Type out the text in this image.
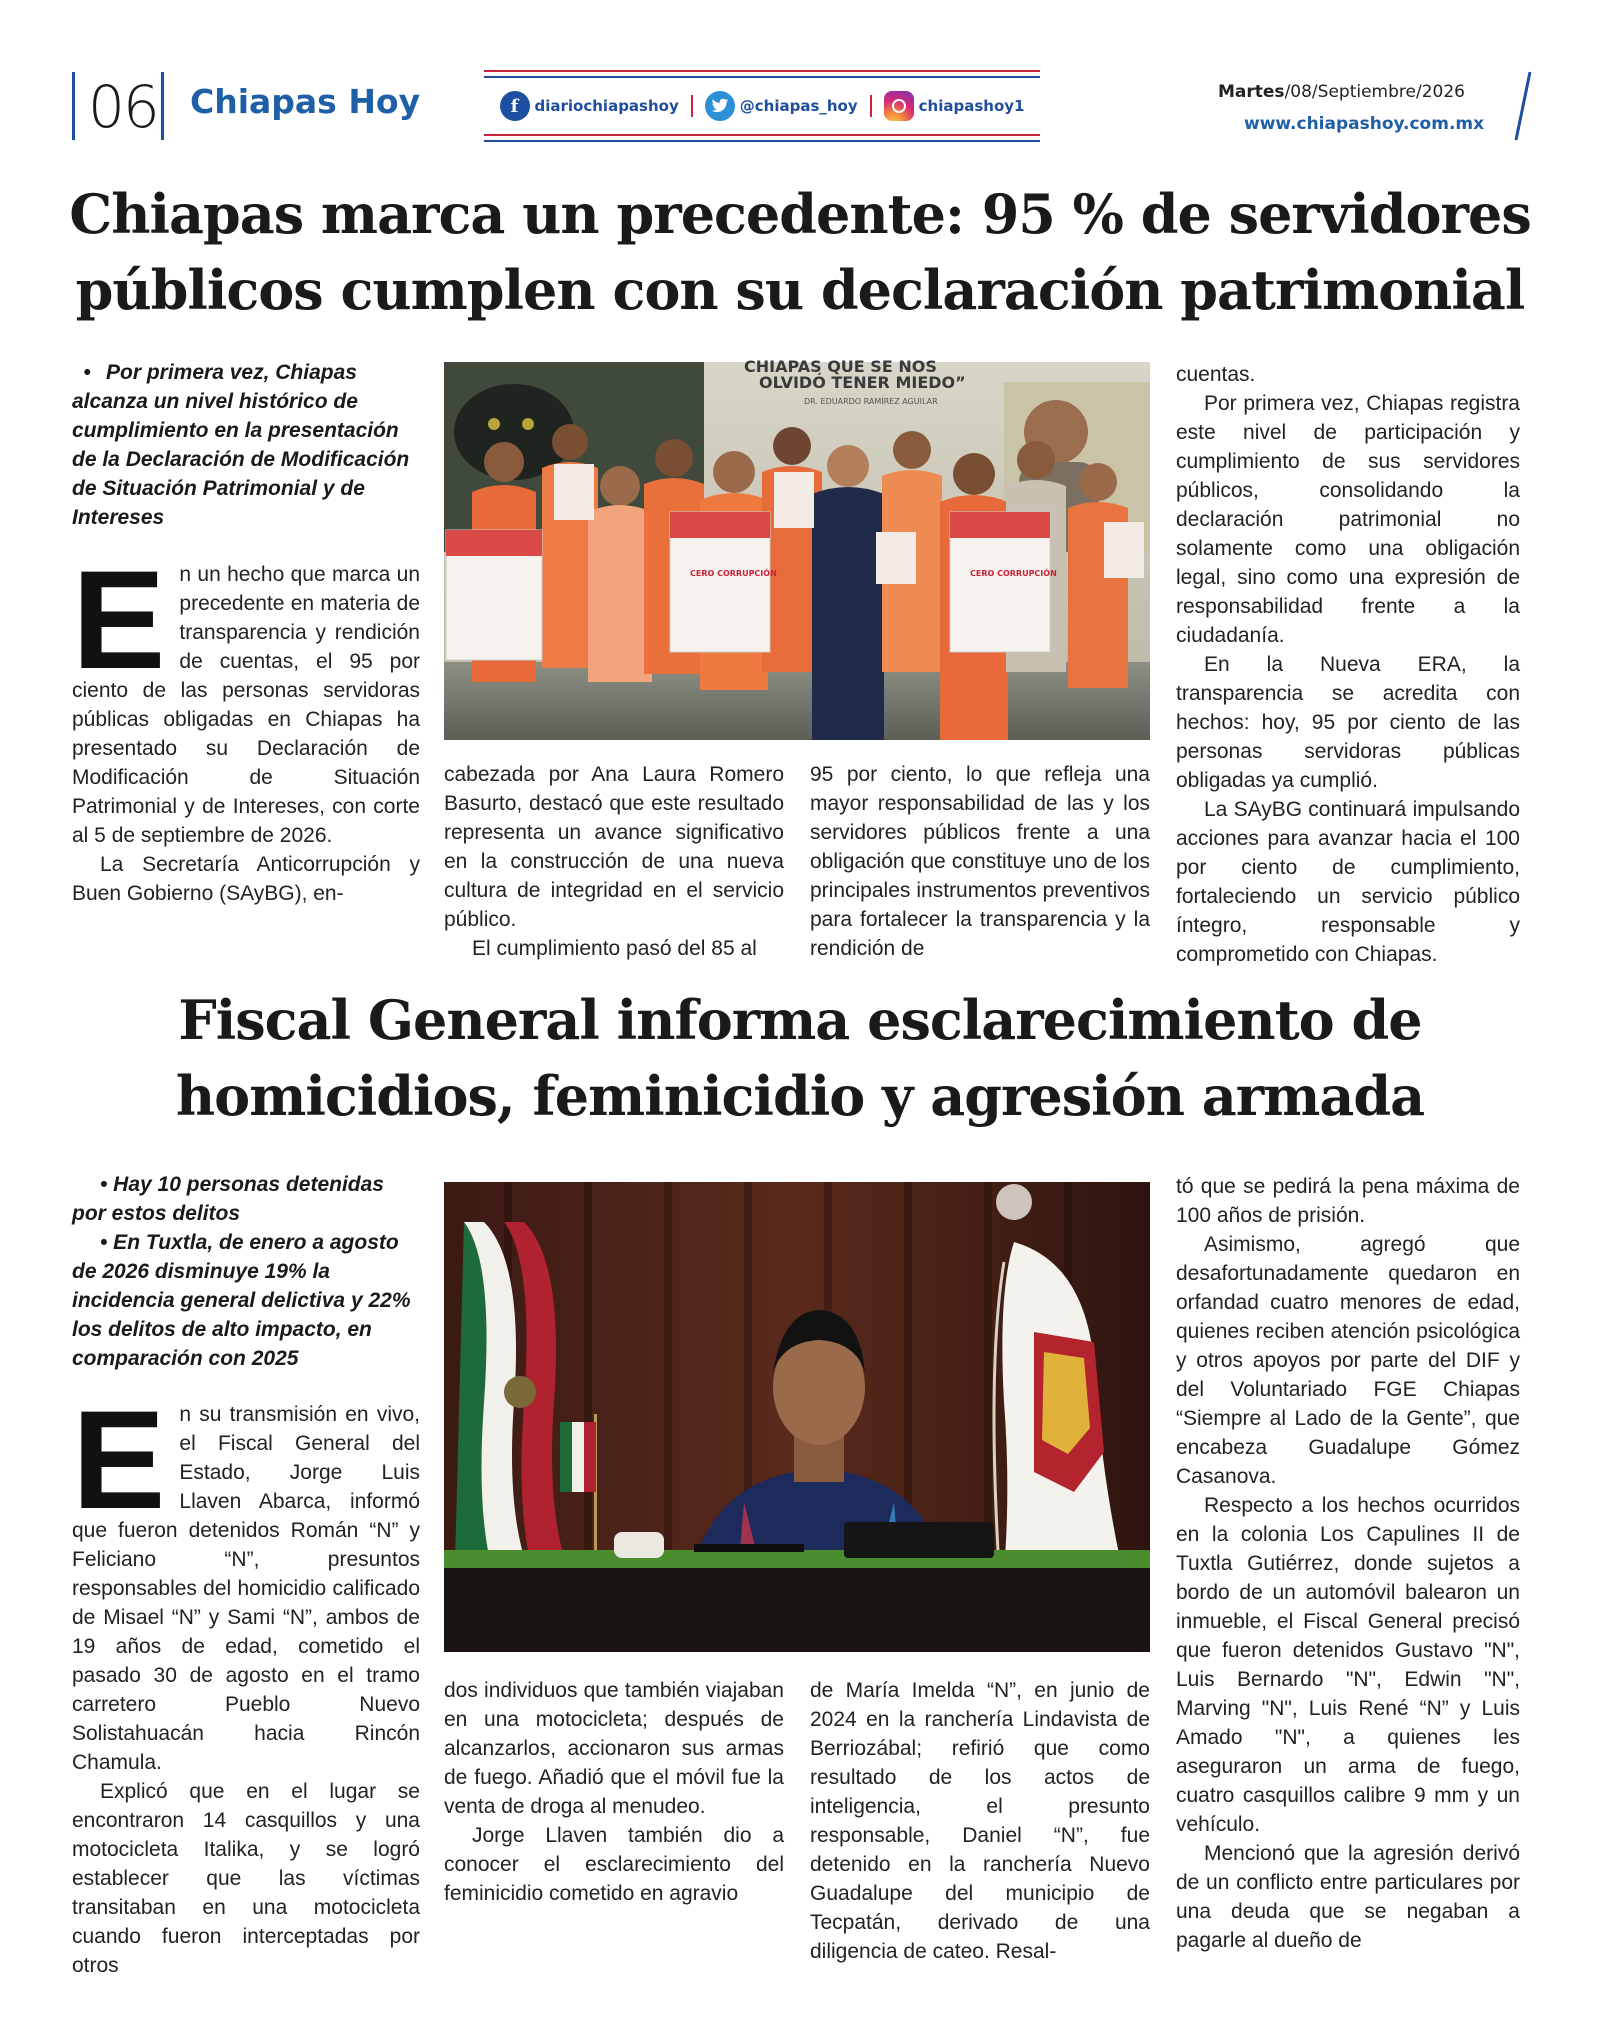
06 Chiapas Hoy	f	diariochiapashoy	@chiapas_hoy	chiapashoy1
Martes/08/Septiembre/2026
www.chiapashoy.com.mx
Chiapas marca un precedente: 95 % de servidores
públicos cumplen con su declaración patrimonial

• Por primera vez, Chiapas alcanza un nivel histórico de cumplimiento en la presentación de la Declaración de Modificación de Situación Patrimonial y de Intereses

E n un hecho que marca un precedente en materia de transparencia y rendición de cuentas, el 95 por ciento de las personas servidoras públicas obligadas en Chiapas ha presentado su Declaración de Modificación de Situación Patrimonial y de Intereses, con corte al 5 de septiembre de 2026.

La Secretaría Anticorrupción y Buen Gobierno (SAyBG), en-

CHIAPAS QUE SE NOS
OLVIDÓ TENER MIEDO”
DR. EDUARDO RAMÍREZ AGUILAR
CERO CORRUPCIÓN	CERO CORRUPCIÓN

cabezada por Ana Laura Romero Basurto, destacó que este resultado representa un avance significativo en la construcción de una nueva cultura de integridad en el servicio público.

El cumplimiento pasó del 85 al

95 por ciento, lo que refleja una mayor responsabilidad de las y los servidores públicos frente a una obligación que constituye uno de los principales instrumentos preventivos para fortalecer la transparencia y la rendición de

cuentas.

Por primera vez, Chiapas registra este nivel de participación y cumplimiento de sus servidores públicos, consolidando la declaración patrimonial no solamente como una obligación legal, sino como una expresión de responsabilidad frente a la ciudadanía.

En la Nueva ERA, la transparencia se acredita con hechos: hoy, 95 por ciento de las personas servidoras públicas obligadas ya cumplió.

La SAyBG continuará impulsando acciones para avanzar hacia el 100 por ciento de cumplimiento, fortaleciendo un servicio público íntegro, responsable y comprometido con Chiapas.

Fiscal General informa esclarecimiento de
homicidios, feminicidio y agresión armada

• Hay 10 personas detenidas por estos delitos

• En Tuxtla, de enero a agosto de 2026 disminuye 19% la incidencia general delictiva y 22% los delitos de alto impacto, en comparación con 2025

E n su transmisión en vivo, el Fiscal General del Estado, Jorge Luis Llaven Abarca, informó que fueron detenidos Román “N” y Feliciano “N”, presuntos responsables del homicidio calificado de Misael “N” y Sami “N”, ambos de 19 años de edad, cometido el pasado 30 de agosto en el tramo carretero Pueblo Nuevo Solistahuacán hacia Rincón Chamula.

Explicó que en el lugar se encontraron 14 casquillos y una motocicleta Italika, y se logró establecer que las víctimas transitaban en una motocicleta cuando fueron interceptadas por otros

dos individuos que también viajaban en una motocicleta; después de alcanzarlos, accionaron sus armas de fuego. Añadió que el móvil fue la venta de droga al menudeo.

Jorge Llaven también dio a conocer el esclarecimiento del feminicidio cometido en agravio

de María Imelda “N”, en junio de 2024 en la ranchería Lindavista de Berriozábal; refirió que como resultado de los actos de inteligencia, el presunto responsable, Daniel “N”, fue detenido en la ranchería Nuevo Guadalupe del municipio de Tecpatán, derivado de una diligencia de cateo. Resal-

tó que se pedirá la pena máxima de 100 años de prisión.

Asimismo, agregó que desafortunadamente quedaron en orfandad cuatro menores de edad, quienes reciben atención psicológica y otros apoyos por parte del DIF y del Voluntariado FGE Chiapas “Siempre al Lado de la Gente”, que encabeza Guadalupe Gómez Casanova.

Respecto a los hechos ocurridos en la colonia Los Capulines II de Tuxtla Gutiérrez, donde sujetos a bordo de un automóvil balearon un inmueble, el Fiscal General precisó que fueron detenidos Gustavo "N", Luis Bernardo "N", Edwin "N", Marving "N", Luis René “N” y Luis Amado "N", a quienes les aseguraron un arma de fuego, cuatro casquillos calibre 9 mm y un vehículo.

Mencionó que la agresión derivó de un conflicto entre particulares por una deuda que se negaban a pagarle al dueño de
